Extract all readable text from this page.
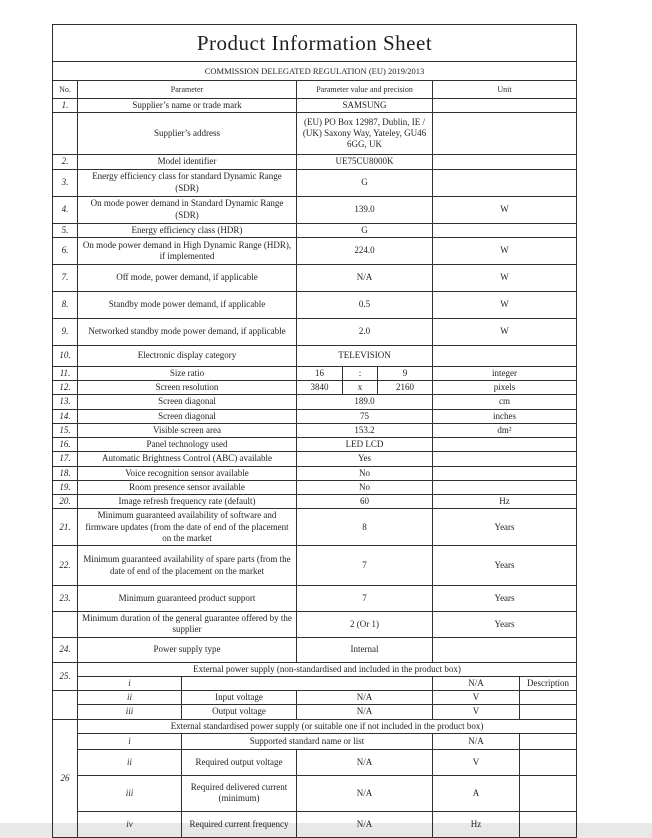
Product Information Sheet							
COMMISSION DELEGATED REGULATION (EU) 2019/2013							
No.	Parameter		Parameter value and precision			Unit	
1.	Supplier’s name or trade mark		SAMSUNG				
	Supplier’s address		(EU) PO Box 12987, Dublin, IE / (UK) Saxony Way, Yateley, GU46 6GG, UK				
2.	Model identifier		UE75CU8000K				
3.	Energy efficiency class for standard Dynamic Range (SDR)		G				
4.	On mode power demand in Standard Dynamic Range (SDR)		139.0			W	
5.	Energy efficiency class (HDR)		G				
6.	On mode power demand in High Dynamic Range (HDR), if implemented		224.0			W	
7.	Off mode, power demand, if applicable		N/A			W	
8.	Standby mode power demand, if applicable		0.5			W	
9.	Networked standby mode power demand, if applicable		2.0			W	
10.	Electronic display category		TELEVISION				
11.	Size ratio		16	:	9	integer	
12.	Screen resolution		3840	x	2160	pixels	
13.	Screen diagonal		189.0			cm	
14.	Screen diagonal		75			inches	
15.	Visible screen area		153.2			dm²	
16.	Panel technology used		LED LCD				
17.	Automatic Brightness Control (ABC) available		Yes				
18.	Voice recognition sensor available		No				
19.	Room presence sensor available		No				
20.	Image refresh frequency rate (default)		60			Hz	
21.	Minimum guaranteed availability of software and firmware updates (from the date of end of the placement on the market		8			Years	
22.	Minimum guaranteed availability of spare parts (from the date of end of the placement on the market		7			Years	
23.	Minimum guaranteed product support		7			Years	
	Minimum duration of the general guarantee offered by the supplier		2 (Or 1)			Years	
24.	Power supply type		Internal				
25.	External power supply (non-standardised and included in the product box)						
	i					N/A	Description
	ii	Input voltage	N/A			V	
	iii	Output voltage	N/A			V	
26	External standardised power supply (or suitable one if not included in the product box)						
	i	Supported standard name or list				N/A	
	ii	Required output voltage	N/A			V	
	iii	Required delivered current (minimum)	N/A			A	
	iv	Required current frequency	N/A			Hz	
